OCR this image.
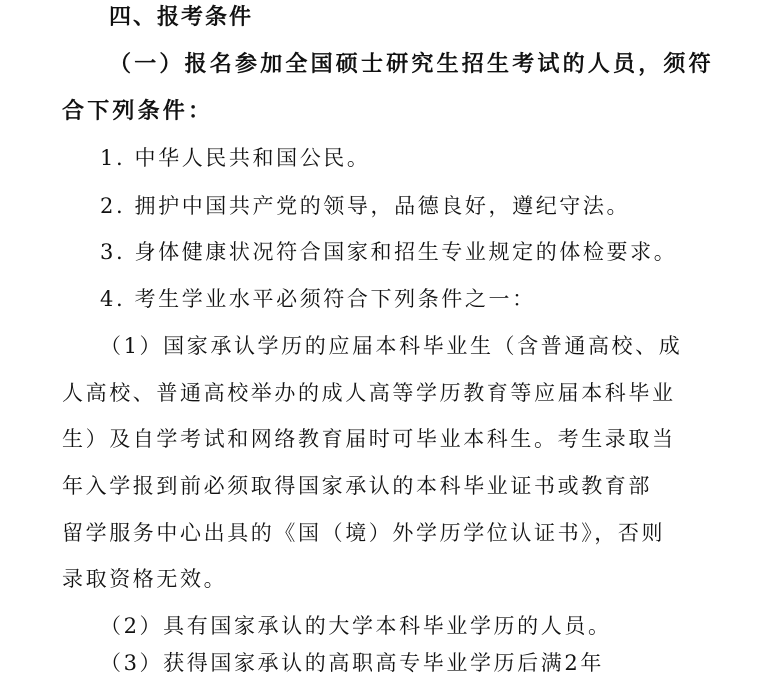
四、报考条件
（一）报名参加全国硕士研究生招生考试的人员，须符
合下列条件：
1. 中华人民共和国公民。
2. 拥护中国共产党的领导，品德良好，遵纪守法。
3. 身体健康状况符合国家和招生专业规定的体检要求。
4. 考生学业水平必须符合下列条件之一：
（1）国家承认学历的应届本科毕业生（含普通高校、成
人高校、普通高校举办的成人高等学历教育等应届本科毕业
生）及自学考试和网络教育届时可毕业本科生。考生录取当
年入学报到前必须取得国家承认的本科毕业证书或教育部
留学服务中心出具的《国（境）外学历学位认证书》，否则
录取资格无效。
（2）具有国家承认的大学本科毕业学历的人员。
（3）获得国家承认的高职高专毕业学历后满2年
